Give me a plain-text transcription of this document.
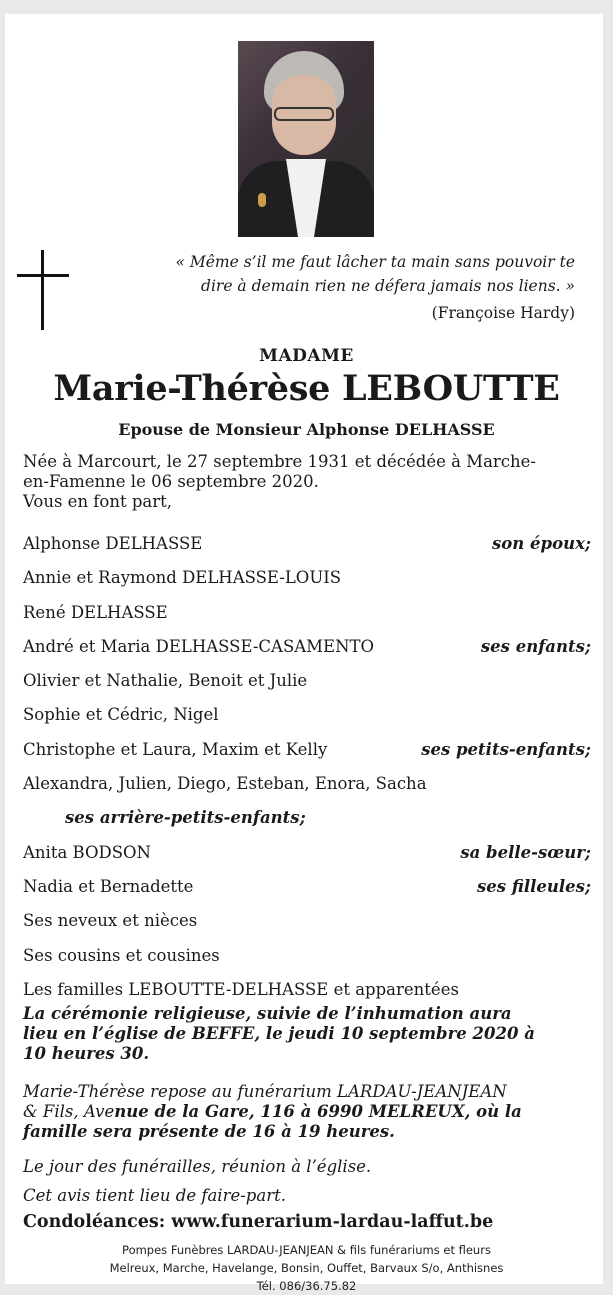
« Même s’il me faut lâcher ta main sans pouvoir te
dire à demain rien ne défera jamais nos liens. »
(Françoise Hardy)
MADAME
Marie-Thérèse LEBOUTTE
Epouse de Monsieur Alphonse DELHASSE
Née à Marcourt, le 27 septembre 1931 et décédée à Marche-
en-Famenne le 06 septembre 2020.
Vous en font part,
Alphonse DELHASSE	son époux;
Annie et Raymond DELHASSE-LOUIS
René DELHASSE
André et Maria DELHASSE-CASAMENTO	ses enfants;
Olivier et Nathalie, Benoit et Julie
Sophie et Cédric, Nigel
Christophe et Laura, Maxim et Kelly	ses petits-enfants;
Alexandra, Julien, Diego, Esteban, Enora, Sacha
ses arrière-petits-enfants;
Anita BODSON	sa belle-sœur;
Nadia et Bernadette	ses filleules;
Ses neveux et nièces
Ses cousins et cousines
Les familles LEBOUTTE-DELHASSE et apparentées
La cérémonie religieuse, suivie de l’inhumation aura
lieu en l’église de BEFFE, le jeudi 10 septembre 2020 à
10 heures 30.
Marie-Thérèse repose au funérarium LARDAU-JEANJEAN
& Fils, Avenue de la Gare, 116 à 6990 MELREUX, où la
famille sera présente de 16 à 19 heures.
Le jour des funérailles, réunion à l’église.
Cet avis tient lieu de faire-part.
Condoléances: www.funerarium-lardau-laffut.be
Pompes Funèbres LARDAU-JEANJEAN & fils funérariums et fleurs
Melreux, Marche, Havelange, Bonsin, Ouffet, Barvaux S/o, Anthisnes
Tél. 086/36.75.82
